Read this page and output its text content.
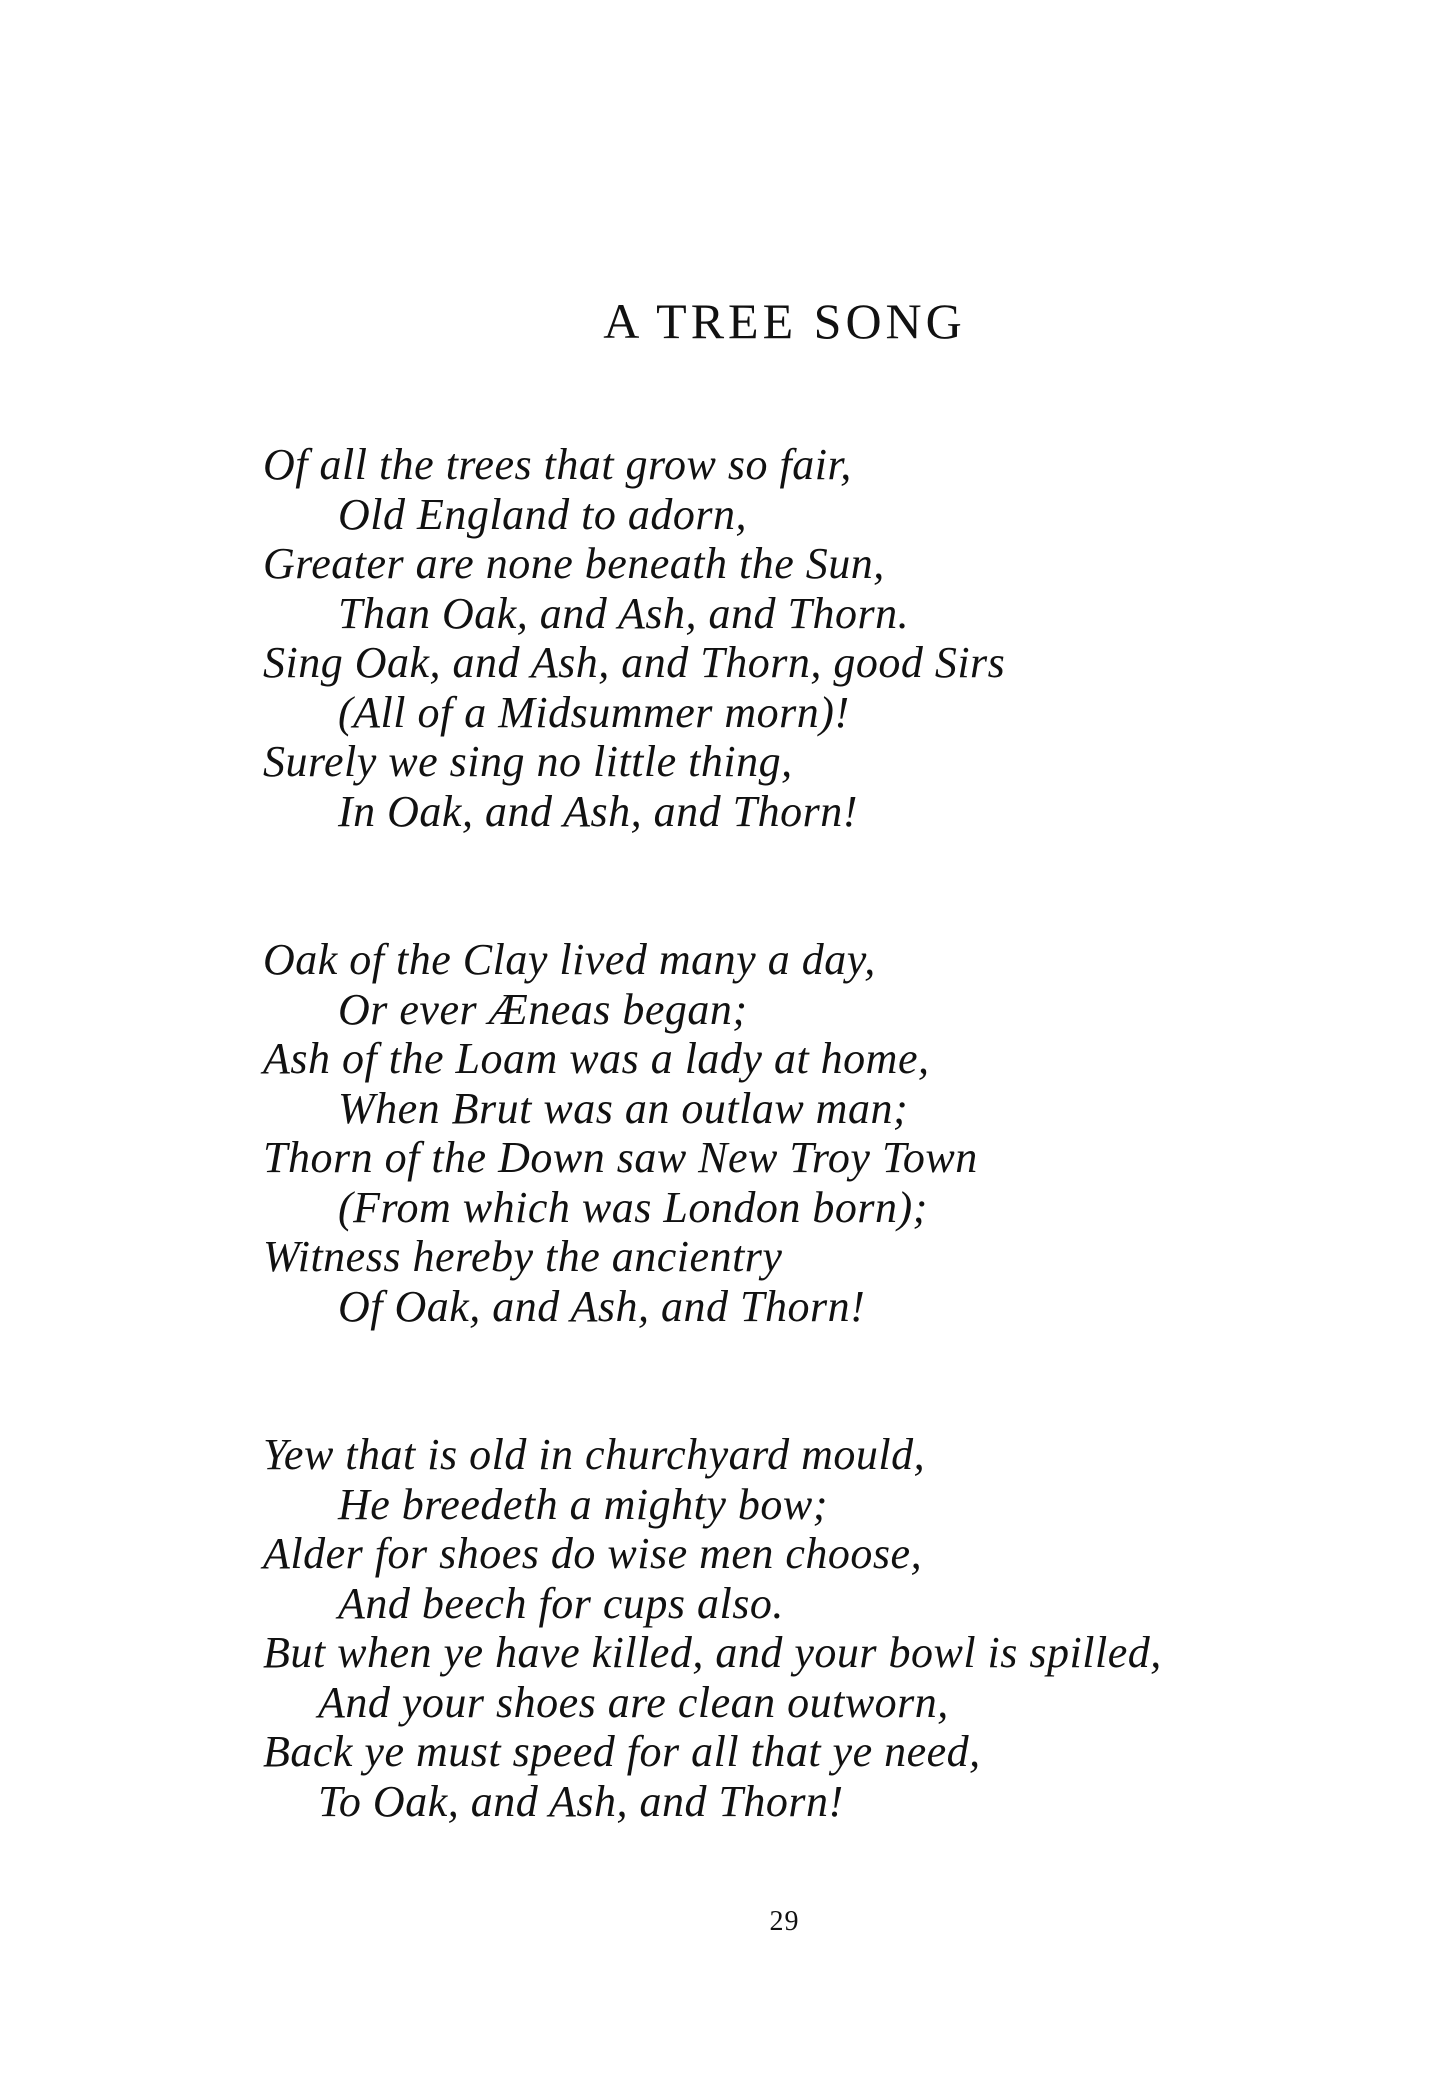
A TREE SONG
Of all the trees that grow so fair,
Old England to adorn,
Greater are none beneath the Sun,
Than Oak, and Ash, and Thorn.
Sing Oak, and Ash, and Thorn, good Sirs
(All of a Midsummer morn)!
Surely we sing no little thing,
In Oak, and Ash, and Thorn!
Oak of the Clay lived many a day,
Or ever Æneas began;
Ash of the Loam was a lady at home,
When Brut was an outlaw man;
Thorn of the Down saw New Troy Town
(From which was London born);
Witness hereby the ancientry
Of Oak, and Ash, and Thorn!
Yew that is old in churchyard mould,
He breedeth a mighty bow;
Alder for shoes do wise men choose,
And beech for cups also.
But when ye have killed, and your bowl is spilled,
And your shoes are clean outworn,
Back ye must speed for all that ye need,
To Oak, and Ash, and Thorn!
29
